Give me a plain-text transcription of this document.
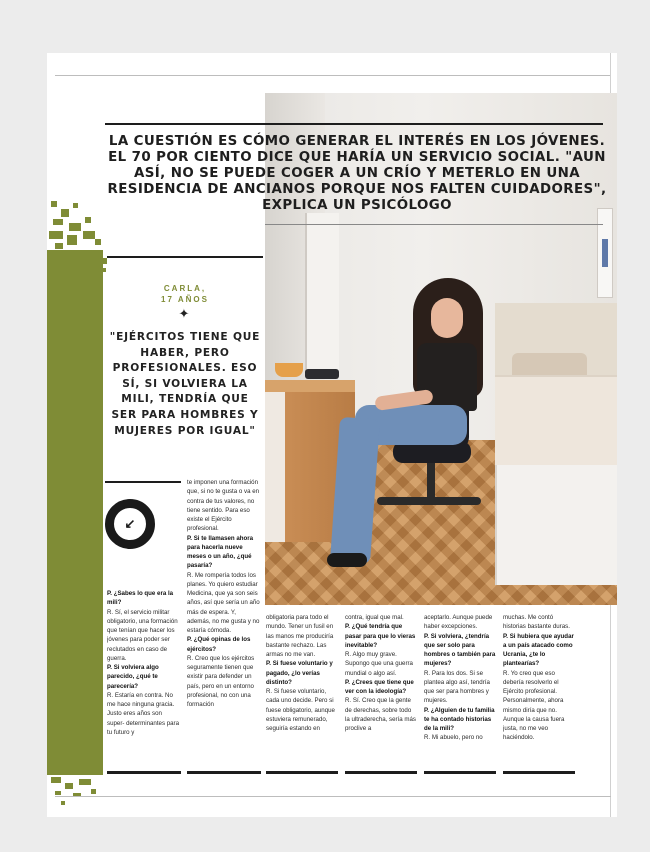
LA CUESTIÓN ES CÓMO GENERAR EL INTERÉS EN LOS JÓVENES. EL 70 POR CIENTO DICE QUE HARÍA UN SERVICIO SOCIAL. "AUN ASÍ, NO SE PUEDE COGER A UN CRÍO Y METERLO EN UNA RESIDENCIA DE ANCIANOS PORQUE NOS FALTEN CUIDADORES", EXPLICA UN PSICÓLOGO
CARLA,
17 AÑOS
✦
"EJÉRCITOS TIENE QUE HABER, PERO PROFESIONALES. ESO SÍ, SI VOLVIERA LA MILI, TENDRÍA QUE SER PARA HOMBRES Y MUJERES POR IGUAL"
↙

P. ¿Sabes lo que era la mili?

R. Sí, el servicio militar obligatorio, una formación que tenían que hacer los jóvenes para poder ser reclutados en caso de guerra.

P. Si volviera algo parecido, ¿qué te parecería?

R. Estaría en contra. No me hace ninguna gracia. Justo eres años son super- determinantes para tu futuro y

te imponen una formación que, si no te gusta o va en contra de tus valores, no tiene sentido. Para eso existe el Ejército profesional.

P. Si te llamasen ahora para hacerla nueve meses o un año, ¿qué pasaría?

R. Me rompería todos los planes. Yo quiero estudiar Medicina, que ya son seis años, así que sería un año más de espera. Y, además, no me gusta y no estaría cómoda.

P. ¿Qué opinas de los ejércitos?

R. Creo que los ejércitos seguramente tienen que existir para defender un país, pero en un entorno profesional, no con una formación

obligatoria para todo el mundo. Tener un fusil en las manos me produciría bastante rechazo. Las armas no me van.

P. Si fuese voluntario y pagado, ¿lo verías distinto?

R. Si fuese voluntario, cada uno decide. Pero si fuese obligatorio, aunque estuviera remunerado, seguiría estando en

contra, igual que mal.

P. ¿Qué tendría que pasar para que lo vieras inevitable?

R. Algo muy grave. Supongo que una guerra mundial o algo así.

P. ¿Crees que tiene que ver con la ideología?

R. Sí. Creo que la gente de derechas, sobre todo la ultraderecha, sería más proclive a

aceptarlo. Aunque puede haber excepciones.

P. Si volviera, ¿tendría que ser solo para hombres o también para mujeres?

R. Para los dos. Si se plantea algo así, tendría que ser para hombres y mujeres.

P. ¿Alguien de tu familia te ha contado historias de la mili?

R. Mi abuelo, pero no

muchas. Me contó historias bastante duras.

P. Si hubiera que ayudar a un país atacado como Ucrania, ¿te lo plantearías?

R. Yo creo que eso debería resolverlo el Ejército profesional. Personalmente, ahora mismo diría que no. Aunque la causa fuera justa, no me veo haciéndolo.
